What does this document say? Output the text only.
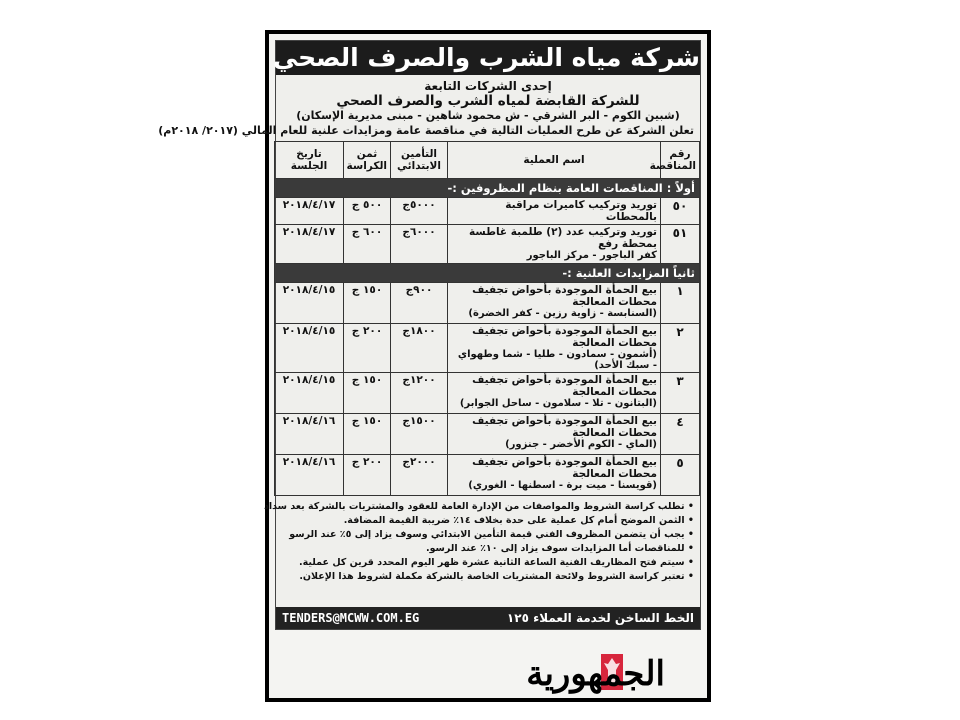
شركة مياه الشرب والصرف الصحي بالمنوفية

إحدى الشركات التابعة

للشركة القابضة لمياه الشرب والصرف الصحي

(شبين الكوم - البر الشرقي - ش محمود شاهين - مبنى مديرية الإسكان)

تعلن الشركة عن طرح العمليات التالية في مناقصة عامة ومزايدات علنية للعام المالي (٢٠١٧/ ٢٠١٨م)

رقم المناقصة	اسم العملية	التأمين الابتدائي	ثمن الكراسة	تاريخ الجلسة
أولاً : المناقصات العامة بنظام المظروفين :-				
٥٠	توريد وتركيب كاميرات مراقبة بالمحطات	٥٠٠٠ج	٥٠٠ ج	٢٠١٨/٤/١٧
٥١	توريد وتركيب عدد (٢) طلمبة غاطسة بمحطة رفع
كفر الباجور - مركز الباجور	٦٠٠٠ج	٦٠٠ ج	٢٠١٨/٤/١٧
ثانياً المزايدات العلنية :-				
١	بيع الحمأة الموجودة بأحواض تجفيف محطات المعالجة
(السنابسة - زاوية رزين - كفر الخضرة)	٩٠٠ج	١٥٠ ج	٢٠١٨/٤/١٥
٢	بيع الحمأة الموجودة بأحواض تجفيف محطات المعالجة
(أشمون - سمادون - طليا - شما وطهواي - سبك الأحد)	١٨٠٠ج	٢٠٠ ج	٢٠١٨/٤/١٥
٣	بيع الحمأة الموجودة بأحواض تجفيف محطات المعالجة
(البتانون - تلا - سلامون - ساحل الجوابر)	١٢٠٠ج	١٥٠ ج	٢٠١٨/٤/١٥
٤	بيع الحمأة الموجودة بأحواض تجفيف محطات المعالجة
(الماي - الكوم الأخضر - جنزور)	١٥٠٠ج	١٥٠ ج	٢٠١٨/٤/١٦
٥	بيع الحمأة الموجودة بأحواض تجفيف محطات المعالجة
(قويسنا - ميت برة - اسطنها - الغوري)	٢٠٠٠ج	٢٠٠ ج	٢٠١٨/٤/١٦

• تطلب كراسة الشروط والمواصفات من الإدارة العامة للعقود والمشتريات بالشركة بعد سداد

• الثمن الموضح أمام كل عملية على حدة بخلاف ١٤٪ ضريبة القيمة المضافة.

• يجب أن يتضمن المظروف الفني قيمة التأمين الابتدائي وسوف يزاد إلى ٥٪ عند الرسو

• للمناقصات أما المزايدات سوف يزاد إلى ١٠٪ عند الرسو.

• سيتم فتح المظاريف الفنية الساعة الثانية عشرة ظهر اليوم المحدد قرين كل عملية.

• تعتبر كراسة الشروط ولائحة المشتريات الخاصة بالشركة مكملة لشروط هذا الإعلان.

الخط الساخن لخدمة العملاء ١٢٥
TENDERS@MCWW.COM.EG
الجمهورية
